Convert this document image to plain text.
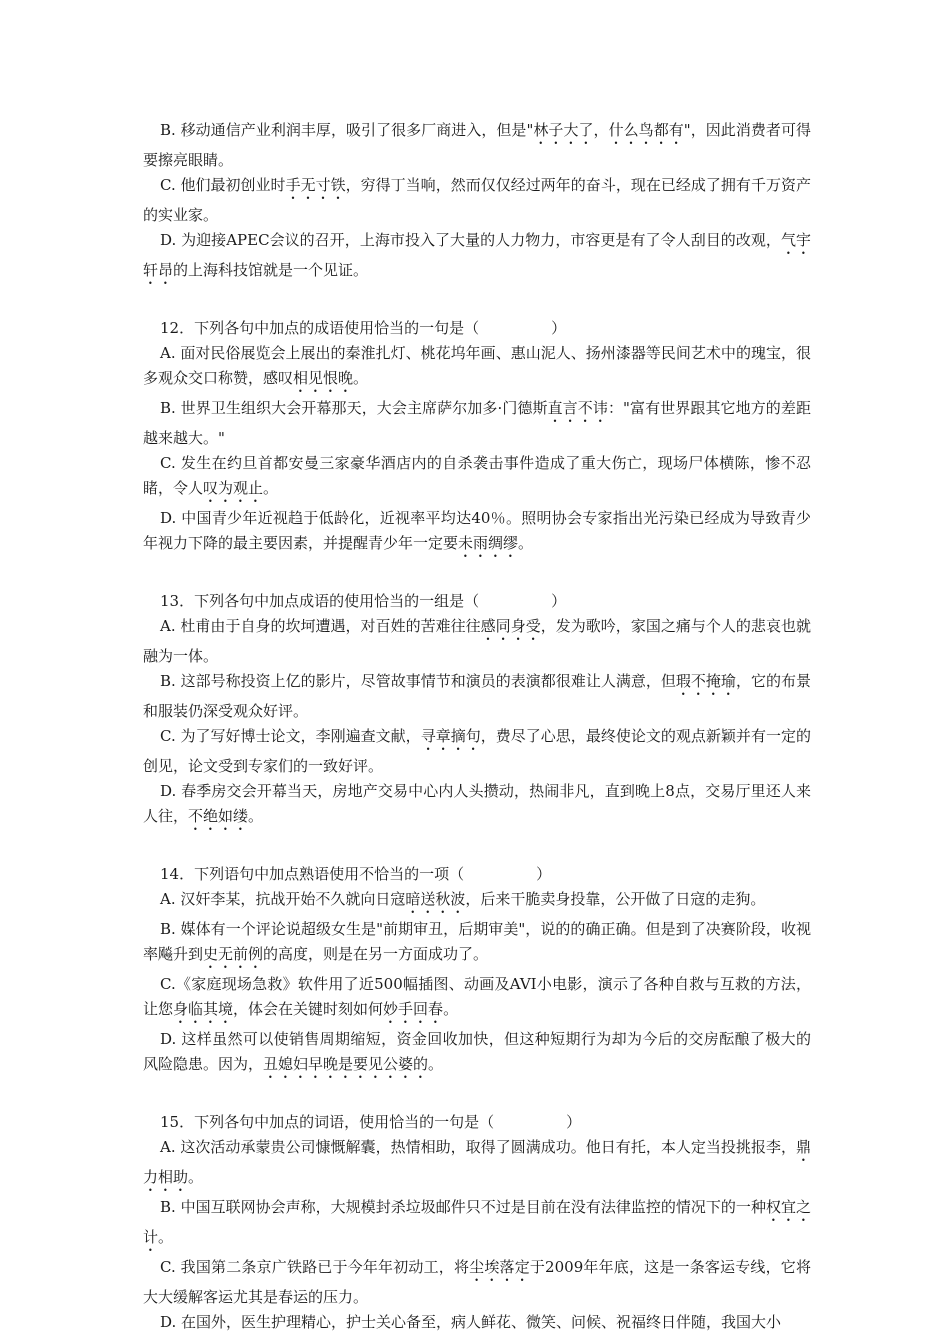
B. 移动通信产业利润丰厚，吸引了很多厂商进入，但是"林子大了，什么鸟都有"，因此消费者可得要擦亮眼睛。

C. 他们最初创业时手无寸铁，穷得丁当响，然而仅仅经过两年的奋斗，现在已经成了拥有千万资产的实业家。

D. 为迎接APEC会议的召开，上海市投入了大量的人力物力，市容更是有了令人刮目的改观，气宇轩昂的上海科技馆就是一个见证。

12．下列各句中加点的成语使用恰当的一句是（	）

A. 面对民俗展览会上展出的秦淮扎灯、桃花坞年画、惠山泥人、扬州漆器等民间艺术中的瑰宝，很多观众交口称赞，感叹相见恨晚。

B. 世界卫生组织大会开幕那天，大会主席萨尔加多·门德斯直言不讳："富有世界跟其它地方的差距越来越大。"

C. 发生在约旦首都安曼三家豪华酒店内的自杀袭击事件造成了重大伤亡，现场尸体横陈，惨不忍睹，令人叹为观止。

D. 中国青少年近视趋于低龄化，近视率平均达40％。照明协会专家指出光污染已经成为导致青少年视力下降的最主要因素，并提醒青少年一定要未雨绸缪。

13．下列各句中加点成语的使用恰当的一组是（	）

A. 杜甫由于自身的坎坷遭遇，对百姓的苦难往往感同身受，发为歌吟，家国之痛与个人的悲哀也就融为一体。

B. 这部号称投资上亿的影片，尽管故事情节和演员的表演都很难让人满意，但瑕不掩瑜，它的布景和服装仍深受观众好评。

C. 为了写好博士论文，李刚遍查文献，寻章摘句，费尽了心思，最终使论文的观点新颖并有一定的创见，论文受到专家们的一致好评。

D. 春季房交会开幕当天，房地产交易中心内人头攒动，热闹非凡，直到晚上8点，交易厅里还人来人往，不绝如缕。

14．下列语句中加点熟语使用不恰当的一项（	）

A. 汉奸李某，抗战开始不久就向日寇暗送秋波，后来干脆卖身投靠，公开做了日寇的走狗。

B. 媒体有一个评论说超级女生是"前期审丑，后期审美"，说的的确正确。但是到了决赛阶段，收视率飚升到史无前例的高度，则是在另一方面成功了。

C.《家庭现场急救》软件用了近500幅插图、动画及AVI小电影，演示了各种自救与互救的方法，让您身临其境，体会在关键时刻如何妙手回春。

D. 这样虽然可以使销售周期缩短，资金回收加快，但这种短期行为却为今后的交房酝酿了极大的风险隐患。因为，丑媳妇早晚是要见公婆的。

15．下列各句中加点的词语，使用恰当的一句是（	）

A. 这次活动承蒙贵公司慷慨解囊，热情相助，取得了圆满成功。他日有托，本人定当投挑报李，鼎力相助。

B. 中国互联网协会声称，大规模封杀垃圾邮件只不过是目前在没有法律监控的情况下的一种权宜之计。

C. 我国第二条京广铁路已于今年年初动工，将尘埃落定于2009年年底，这是一条客运专线，它将大大缓解客运尤其是春运的压力。

D. 在国外，医生护理精心，护士关心备至，病人鲜花、微笑、问候、祝福终日伴随，我国大小
